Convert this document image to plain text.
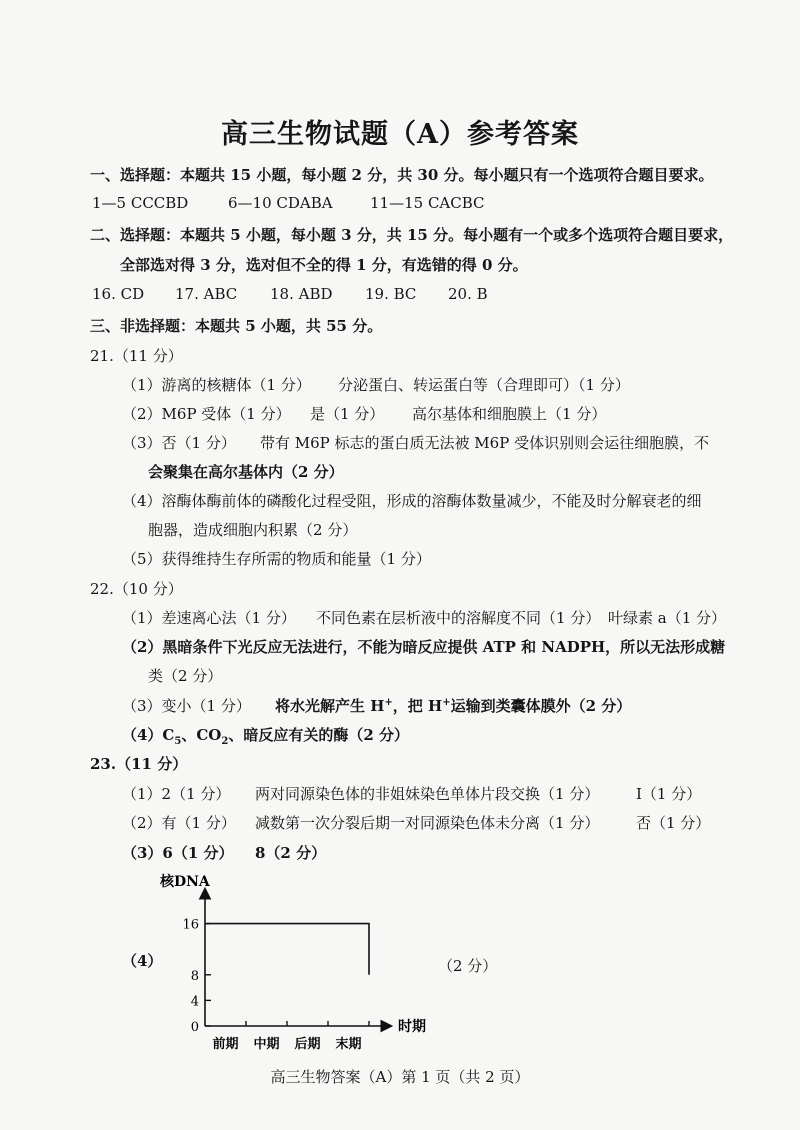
高三生物试题（A）参考答案
一、选择题：本题共 15 小题，每小题 2 分，共 30 分。每小题只有一个选项符合题目要求。
1—5 CCCBD	6—10 CDABA 11—15 CACBC
二、选择题：本题共 5 小题，每小题 3 分，共 15 分。每小题有一个或多个选项符合题目要求，
全部选对得 3 分，选对但不全的得 1 分，有选错的得 0 分。
16. CD 17. ABC 18. ABD 19. BC 20. B
三、非选择题：本题共 5 小题，共 55 分。
21.（11 分）
（1）游离的核糖体（1 分） 分泌蛋白、转运蛋白等（合理即可）（1 分）
（2）M6P 受体（1 分） 是（1 分） 高尔基体和细胞膜上（1 分）
（3）否（1 分） 带有 M6P 标志的蛋白质无法被 M6P 受体识别则会运往细胞膜，不
会聚集在高尔基体内（2 分）
（4）溶酶体酶前体的磷酸化过程受阻，形成的溶酶体数量减少，不能及时分解衰老的细
胞器，造成细胞内积累（2 分）
（5）获得维持生存所需的物质和能量（1 分）
22.（10 分）
（1）差速离心法（1 分） 不同色素在层析液中的溶解度不同（1 分） 叶绿素 a（1 分）
（2）黑暗条件下光反应无法进行，不能为暗反应提供 ATP 和 NADPH，所以无法形成糖
类（2 分）
（3）变小（1 分） 将水光解产生 H+，把 H+运输到类囊体膜外（2 分）
$(4)C_5$、$CO_2$、暗反应有关的酶（2 分）
23.（11 分）
（1）2（1 分） 两对同源染色体的非姐妹染色单体片段交换（1 分） I（1 分）
（2）有（1 分） 减数第一次分裂后期一对同源染色体未分离（1 分） 否（1 分）
（3）6（1 分） 8（2 分）
（4）	（2 分）
核DNA
时期
0
4
8
16
前期 中期 后期 末期
高三生物答案（A）第 1 页（共 2 页）
